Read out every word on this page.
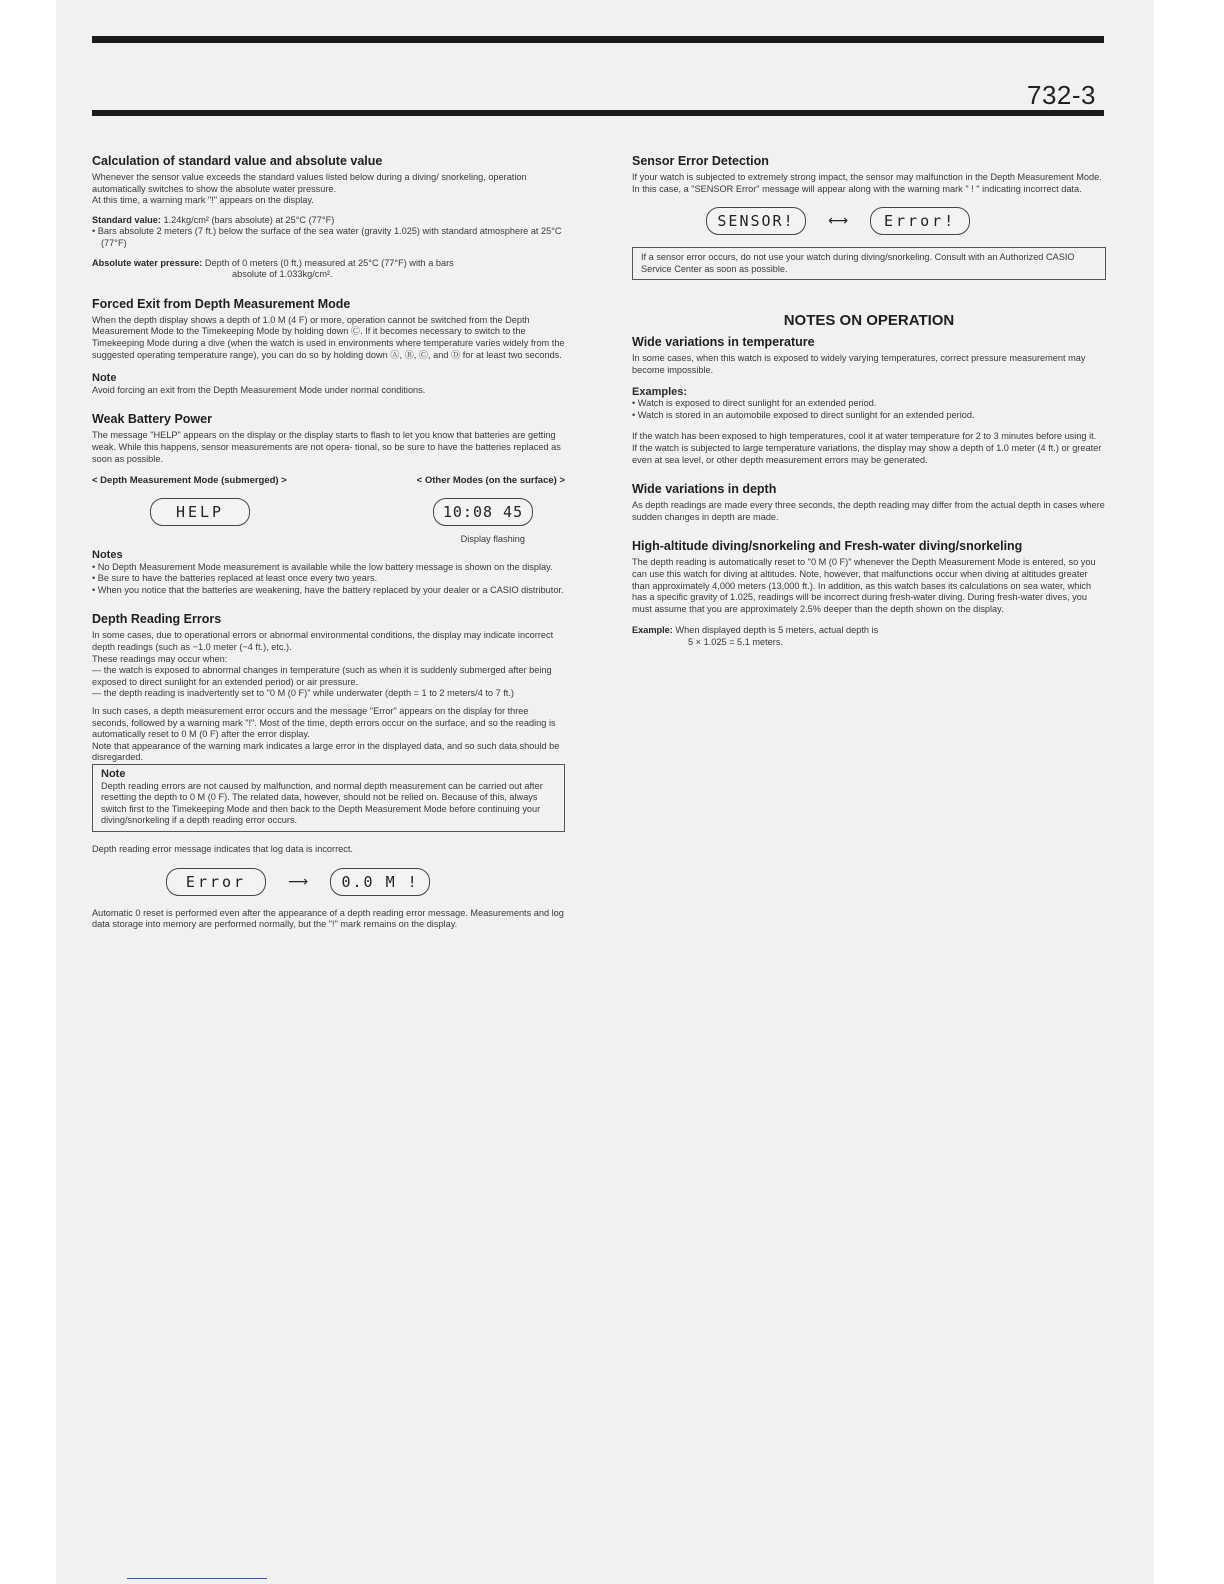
732-3
Calculation of standard value and absolute value

Whenever the sensor value exceeds the standard values listed below during a diving/ snorkeling, operation automatically switches to show the absolute water pressure.

At this time, a warning mark "!" appears on the display.

Standard value: 1.24kg/cm² (bars absolute) at 25°C (77°F)

• Bars absolute 2 meters (7 ft.) below the surface of the sea water (gravity 1.025) with standard atmosphere at 25°C (77°F)

Absolute water pressure: Depth of 0 meters (0 ft.) measured at 25°C (77°F) with a bars

absolute of 1.033kg/cm².

Forced Exit from Depth Measurement Mode

When the depth display shows a depth of 1.0 M (4 F) or more, operation cannot be switched from the Depth Measurement Mode to the Timekeeping Mode by holding down Ⓒ. If it becomes necessary to switch to the Timekeeping Mode during a dive (when the watch is used in environments where temperature varies widely from the suggested operating temperature range), you can do so by holding down Ⓐ, Ⓑ, Ⓒ, and Ⓓ for at least two seconds.

Note

Avoid forcing an exit from the Depth Measurement Mode under normal conditions.

Weak Battery Power

The message "HELP" appears on the display or the display starts to flash to let you know that batteries are getting weak. While this happens, sensor measurements are not opera- tional, so be sure to have the batteries replaced as soon as possible.

< Depth Measurement Mode (submerged) >	< Other Modes (on the surface) >
HELP	10:08 45
Display flashing

Notes

• No Depth Measurement Mode measurement is available while the low battery message is shown on the display.

• Be sure to have the batteries replaced at least once every two years.

• When you notice that the batteries are weakening, have the battery replaced by your dealer or a CASIO distributor.

Depth Reading Errors

In some cases, due to operational errors or abnormal environmental conditions, the display may indicate incorrect depth readings (such as −1.0 meter (−4 ft.), etc.).

These readings may occur when:

— the watch is exposed to abnormal changes in temperature (such as when it is suddenly submerged after being exposed to direct sunlight for an extended period) or air pressure.

— the depth reading is inadvertently set to "0 M (0 F)" while underwater (depth = 1 to 2 meters/4 to 7 ft.)

In such cases, a depth measurement error occurs and the message "Error" appears on the display for three seconds, followed by a warning mark "!". Most of the time, depth errors occur on the surface, and so the reading is automatically reset to 0 M (0 F) after the error display.

Note that appearance of the warning mark indicates a large error in the displayed data, and so such data should be disregarded.

Note

Depth reading errors are not caused by malfunction, and normal depth measurement can be carried out after resetting the depth to 0 M (0 F). The related data, however, should not be relied on. Because of this, always switch first to the Timekeeping Mode and then back to the Depth Measurement Mode before continuing your diving/snorkeling if a depth reading error occurs.

Depth reading error message indicates that log data is incorrect.

Error	⟶	0.0 M !

Automatic 0 reset is performed even after the appearance of a depth reading error message. Measurements and log data storage into memory are performed normally, but the "!" mark remains on the display.

Sensor Error Detection

If your watch is subjected to extremely strong impact, the sensor may malfunction in the Depth Measurement Mode. In this case, a "SENSOR Error" message will appear along with the warning mark " ! " indicating incorrect data.

SENSOR!	⟷	Error!

If a sensor error occurs, do not use your watch during diving/snorkeling. Consult with an Authorized CASIO Service Center as soon as possible.

NOTES ON OPERATION
Wide variations in temperature

In some cases, when this watch is exposed to widely varying temperatures, correct pressure measurement may become impossible.

Examples:

• Watch is exposed to direct sunlight for an extended period.

• Watch is stored in an automobile exposed to direct sunlight for an extended period.

If the watch has been exposed to high temperatures, cool it at water temperature for 2 to 3 minutes before using it.

If the watch is subjected to large temperature variations, the display may show a depth of 1.0 meter (4 ft.) or greater even at sea level, or other depth measurement errors may be generated.

Wide variations in depth

As depth readings are made every three seconds, the depth reading may differ from the actual depth in cases where sudden changes in depth are made.

High-altitude diving/snorkeling and Fresh-water diving/snorkeling

The depth reading is automatically reset to "0 M (0 F)" whenever the Depth Measurement Mode is entered, so you can use this watch for diving at altitudes. Note, however, that malfunctions occur when diving at altitudes greater than approximately 4,000 meters (13,000 ft.). In addition, as this watch bases its calculations on sea water, which has a specific gravity of 1.025, readings will be incorrect during fresh-water diving. During fresh-water dives, you must assume that you are approximately 2.5% deeper than the depth shown on the display.

Example: When displayed depth is 5 meters, actual depth is

5 × 1.025 = 5.1 meters.
